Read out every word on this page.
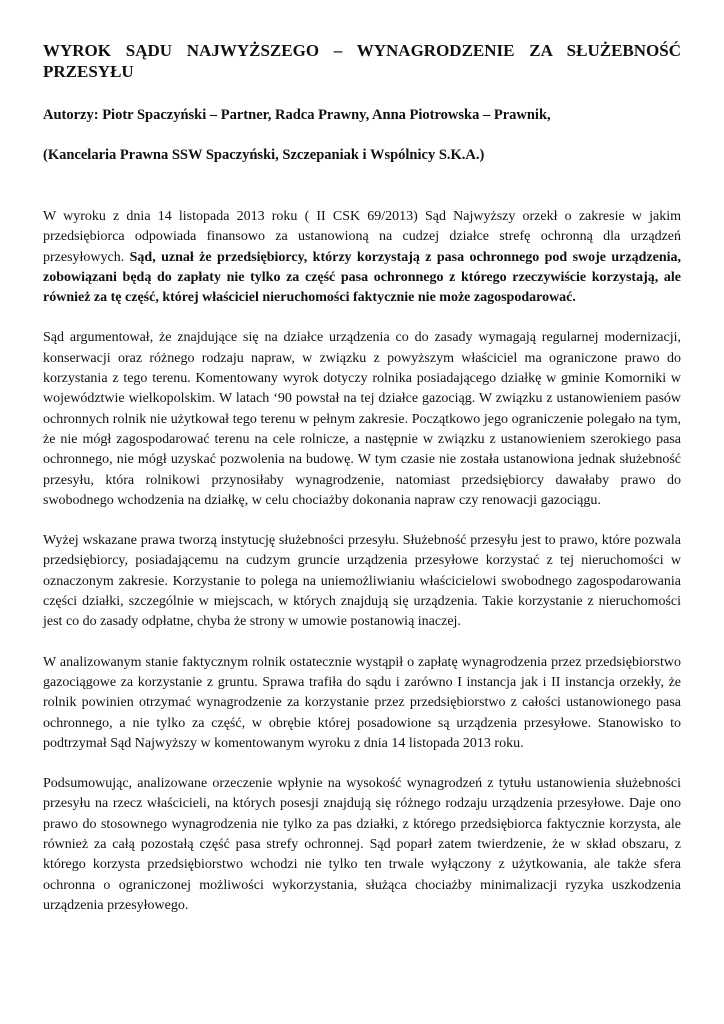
WYROK SĄDU NAJWYŻSZEGO – WYNAGRODZENIE ZA SŁUŻEBNOŚĆ
PRZESYŁU

Autorzy: Piotr Spaczyński – Partner, Radca Prawny, Anna Piotrowska – Prawnik,

(Kancelaria Prawna SSW Spaczyński, Szczepaniak i Wspólnicy S.K.A.)

W wyroku z dnia 14 listopada 2013 roku ( II CSK 69/2013) Sąd Najwyższy orzekł o zakresie w jakim przedsiębiorca odpowiada finansowo za ustanowioną na cudzej działce strefę ochronną dla urządzeń przesyłowych. Sąd, uznał że przedsiębiorcy, którzy korzystają z pasa ochronnego pod swoje urządzenia, zobowiązani będą do zapłaty nie tylko za część pasa ochronnego z którego rzeczywiście korzystają, ale również za tę część, której właściciel nieruchomości faktycznie nie może zagospodarować.

Sąd argumentował, że znajdujące się na działce urządzenia co do zasady wymagają regularnej modernizacji, konserwacji oraz różnego rodzaju napraw, w związku z powyższym właściciel ma ograniczone prawo do korzystania z tego terenu. Komentowany wyrok dotyczy rolnika posiadającego działkę w gminie Komorniki w województwie wielkopolskim. W latach ‘90 powstał na tej działce gazociąg. W związku z ustanowieniem pasów ochronnych rolnik nie użytkował tego terenu w pełnym zakresie. Początkowo jego ograniczenie polegało na tym, że nie mógł zagospodarować terenu na cele rolnicze, a następnie w związku z ustanowieniem szerokiego pasa ochronnego, nie mógł uzyskać pozwolenia na budowę. W tym czasie nie została ustanowiona jednak służebność przesyłu, która rolnikowi przynosiłaby wynagrodzenie, natomiast przedsiębiorcy dawałaby prawo do swobodnego wchodzenia na działkę, w celu chociażby dokonania napraw czy renowacji gazociągu.

Wyżej wskazane prawa tworzą instytucję służebności przesyłu. Służebność przesyłu jest to prawo, które pozwala przedsiębiorcy, posiadającemu na cudzym gruncie urządzenia przesyłowe korzystać z tej nieruchomości w oznaczonym zakresie. Korzystanie to polega na uniemożliwianiu właścicielowi swobodnego zagospodarowania części działki, szczególnie w miejscach, w których znajdują się urządzenia. Takie korzystanie z nieruchomości jest co do zasady odpłatne, chyba że strony w umowie postanowią inaczej.

W analizowanym stanie faktycznym rolnik ostatecznie wystąpił o zapłatę wynagrodzenia przez przedsiębiorstwo gazociągowe za korzystanie z gruntu. Sprawa trafiła do sądu i zarówno I instancja jak i II instancja orzekły, że rolnik powinien otrzymać wynagrodzenie za korzystanie przez przedsiębiorstwo z całości ustanowionego pasa ochronnego, a nie tylko za część, w obrębie której posadowione są urządzenia przesyłowe. Stanowisko to podtrzymał Sąd Najwyższy w komentowanym wyroku z dnia 14 listopada 2013 roku.

Podsumowując, analizowane orzeczenie wpłynie na wysokość wynagrodzeń z tytułu ustanowienia służebności przesyłu na rzecz właścicieli, na których posesji znajdują się różnego rodzaju urządzenia przesyłowe. Daje ono prawo do stosownego wynagrodzenia nie tylko za pas działki, z którego przedsiębiorca faktycznie korzysta, ale również za całą pozostałą część pasa strefy ochronnej. Sąd poparł zatem twierdzenie, że w skład obszaru, z którego korzysta przedsiębiorstwo wchodzi nie tylko ten trwale wyłączony z użytkowania, ale także sfera ochronna o ograniczonej możliwości wykorzystania, służąca chociażby minimalizacji ryzyka uszkodzenia urządzenia przesyłowego.
